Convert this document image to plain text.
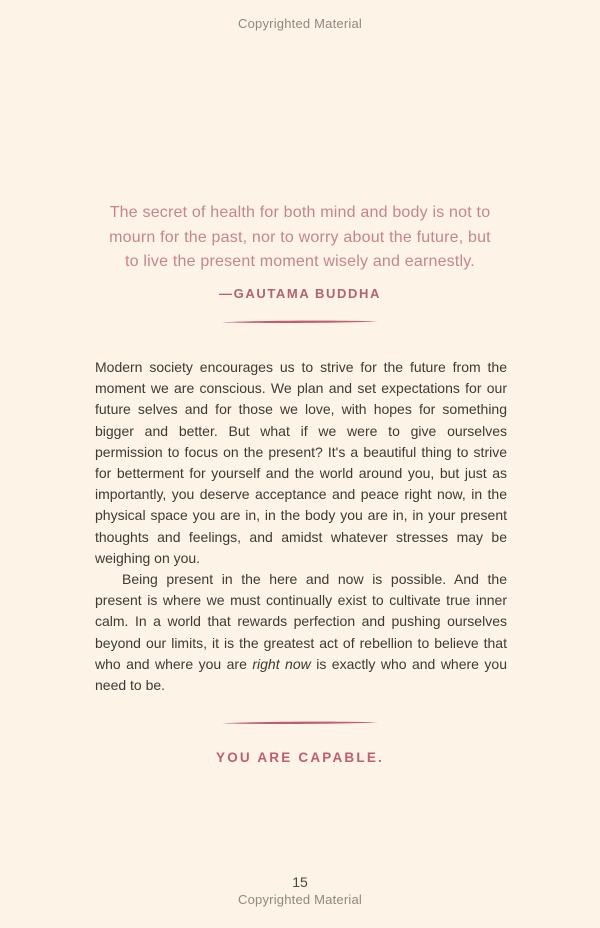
Copyrighted Material
The secret of health for both mind and body is not to
mourn for the past, nor to worry about the future, but
to live the present moment wisely and earnestly.
—GAUTAMA BUDDHA
Modern society encourages us to strive for the future from the
moment we are conscious. We plan and set expectations for our
future selves and for those we love, with hopes for something
bigger and better. But what if we were to give ourselves
permission to focus on the present? It's a beautiful thing to strive
for betterment for yourself and the world around you, but just as
importantly, you deserve acceptance and peace right now, in the
physical space you are in, in the body you are in, in your present
thoughts and feelings, and amidst whatever stresses may be
weighing on you.
Being present in the here and now is possible. And the
present is where we must continually exist to cultivate true inner
calm. In a world that rewards perfection and pushing ourselves
beyond our limits, it is the greatest act of rebellion to believe that
who and where you are right now is exactly who and where you
need to be.
YOU ARE CAPABLE.
15
Copyrighted Material
